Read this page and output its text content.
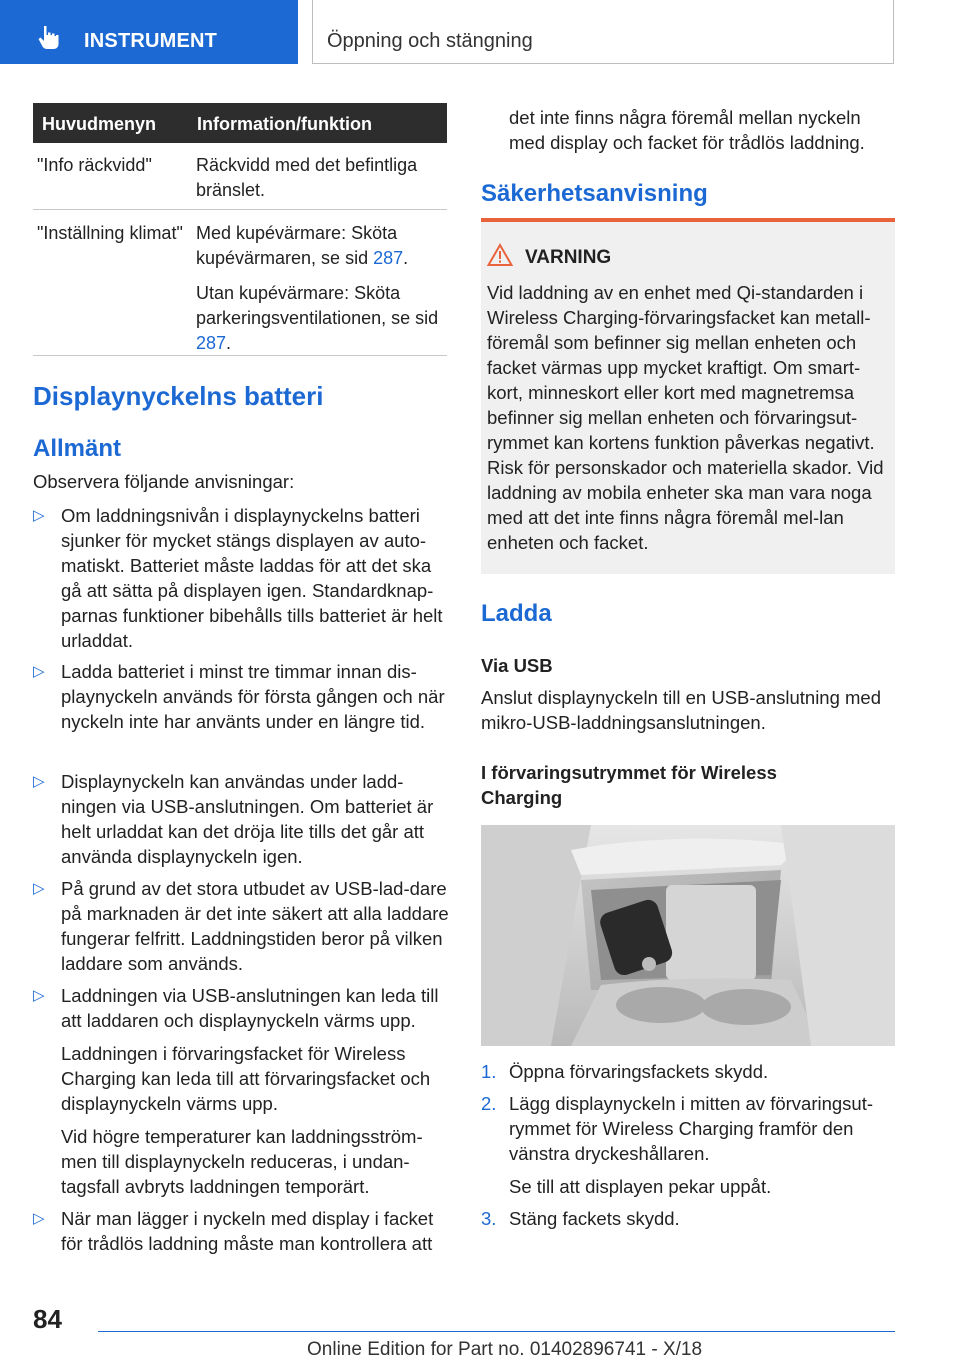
INSTRUMENT	Öppning och stängning
Huvudmenyn Information/funktion
"Info räckvidd" Räckvidd med det befintliga bränslet.
"Inställning klimat" Med kupévärmare: Sköta kupévärmaren, se sid 287.
Utan kupévärmare: Sköta parkeringsventilationen, se sid 287.
Displaynyckelns batteri
Allmänt
Observera följande anvisningar:
▷ Om laddningsnivån i displaynyckelns batteri sjunker för mycket stängs displayen av auto-matiskt. Batteriet måste laddas för att det ska gå att sätta på displayen igen. Standardknap-parnas funktioner bibehålls tills batteriet är helt urladdat.
▷ Ladda batteriet i minst tre timmar innan dis-playnyckeln används för första gången och när nyckeln inte har använts under en längre tid.
▷ Displaynyckeln kan användas under ladd-ningen via USB-anslutningen. Om batteriet är helt urladdat kan det dröja lite tills det går att använda displaynyckeln igen.
▷ På grund av det stora utbudet av USB-lad-dare på marknaden är det inte säkert att alla laddare fungerar felfritt. Laddningstiden beror på vilken laddare som används.
▷ Laddningen via USB-anslutningen kan leda till att laddaren och displaynyckeln värms upp.
Laddningen i förvaringsfacket för Wireless Charging kan leda till att förvaringsfacket och displaynyckeln värms upp.
Vid högre temperaturer kan laddningsström-men till displaynyckeln reduceras, i undan-tagsfall avbryts laddningen temporärt.
▷ När man lägger i nyckeln med display i facket för trådlös laddning måste man kontrollera att
det inte finns några föremål mellan nyckeln med display och facket för trådlös laddning.
Säkerhetsanvisning
VARNING
Vid laddning av en enhet med Qi-standarden i Wireless Charging-förvaringsfacket kan metall-föremål som befinner sig mellan enheten och facket värmas upp mycket kraftigt. Om smart-kort, minneskort eller kort med magnetremsa befinner sig mellan enheten och förvaringsut-rymmet kan kortens funktion påverkas negativt. Risk för personskador och materiella skador. Vid laddning av mobila enheter ska man vara noga med att det inte finns några föremål mel-lan enheten och facket.
Ladda
Via USB
Anslut displaynyckeln till en USB-anslutning med mikro-USB-laddningsanslutningen.
I förvaringsutrymmet för Wireless Charging
1. Öppna förvaringsfackets skydd.
2. Lägg displaynyckeln i mitten av förvaringsut-rymmet för Wireless Charging framför den vänstra dryckeshållaren.
Se till att displayen pekar uppåt.
3. Stäng fackets skydd.
84
Online Edition for Part no. 01402896741 - X/18
